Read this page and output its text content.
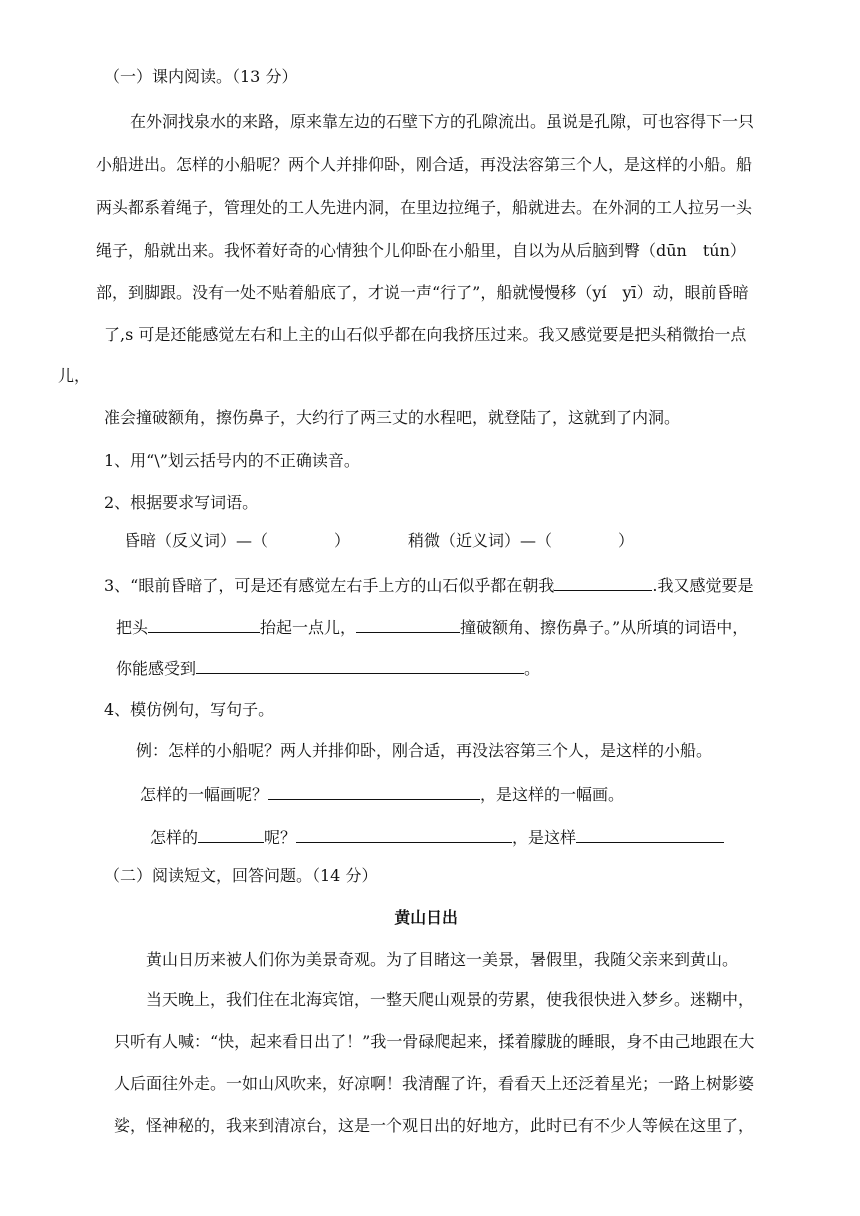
（一）课内阅读。（13 分）
在外洞找泉水的来路，原来靠左边的石壁下方的孔隙流出。虽说是孔隙，可也容得下一只
小船进出。怎样的小船呢？两个人并排仰卧，刚合适，再没法容第三个人，是这样的小船。船
两头都系着绳子，管理处的工人先进内洞，在里边拉绳子，船就进去。在外洞的工人拉另一头
绳子，船就出来。我怀着好奇的心情独个儿仰卧在小船里，自以为从后脑到臀（dūn　tún）
部，到脚跟。没有一处不贴着船底了，才说一声“行了”，船就慢慢移（yí　yī）动，眼前昏暗
了,s 可是还能感觉左右和上主的山石似乎都在向我挤压过来。我又感觉要是把头稍微抬一点
儿，
准会撞破额角，擦伤鼻子，大约行了两三丈的水程吧，就登陆了，这就到了内洞。
1、用“\”划云括号内的不正确读音。
2、根据要求写词语。
昏暗（反义词）—（	）	稍微（近义词）—（	）
3、“眼前昏暗了，可是还有感觉左右手上方的山石似乎都在朝我	.我又感觉要是
把头	抬起一点儿，	撞破额角、擦伤鼻子。”从所填的词语中，
你能感受到	。
4、模仿例句，写句子。
例：怎样的小船呢？两人并排仰卧，刚合适，再没法容第三个人，是这样的小船。
怎样的一幅画呢？	，是这样的一幅画。
怎样的	呢？	，是这样
（二）阅读短文，回答问题。（14 分）
黄山日出
黄山日历来被人们你为美景奇观。为了目睹这一美景，暑假里，我随父亲来到黄山。
当天晚上，我们住在北海宾馆，一整天爬山观景的劳累，使我很快进入梦乡。迷糊中，
只听有人喊：“快，起来看日出了！”我一骨碌爬起来，揉着朦胧的睡眼，身不由己地跟在大
人后面往外走。一如山风吹来，好凉啊！我清醒了许，看看天上还泛着星光；一路上树影婆
娑，怪神秘的，我来到清凉台，这是一个观日出的好地方，此时已有不少人等候在这里了，
